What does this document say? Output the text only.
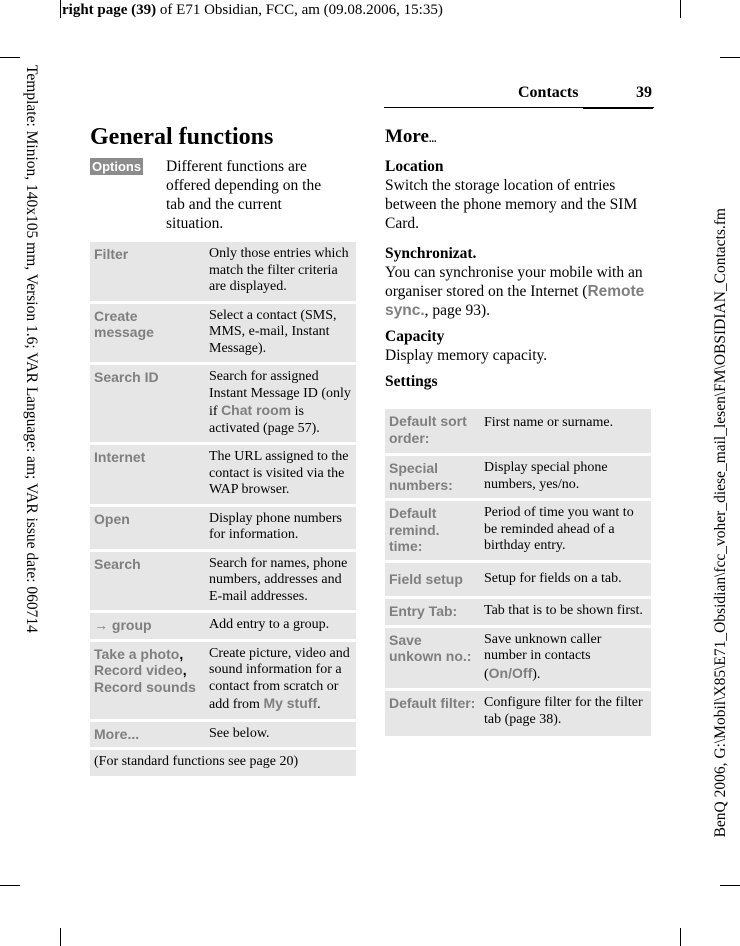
right page (39) of E71 Obsidian, FCC, am (09.08.2006, 15:35)
Template: Minion, 140x105 mm, Version 1.6; VAR Language: am; VAR issue date: 060714	BenQ 2006, G:\Mobil\X85\E71_Obsidian\fcc_voher_diese_mail_lesen\FM\OBSIDIAN_Contacts.fm
Contacts	39
General functions
Options Different functions are offered depending on the tab and the current situation.
Filter	Only those entries which match the filter criteria are displayed.
Create message	Select a contact (SMS, MMS, e-mail, Instant Message).
Search ID	Search for assigned Instant Message ID (only if Chat room is activated (page 57).
Internet	The URL assigned to the contact is visited via the WAP browser.
Open	Display phone numbers for information.
Search	Search for names, phone numbers, addresses and E-mail addresses.
→ group	Add entry to a group.
Take a photo,
Record video,
Record sounds	Create picture, video and sound information for a contact from scratch or add from My stuff.
More...	See below.
(For standard functions see page 20)	
More...
Location
Switch the storage location of entries between the phone memory and the SIM Card.
Synchronizat.
You can synchronise your mobile with an organiser stored on the Internet (Remote sync., page 93).
Capacity
Display memory capacity.
Settings
Default sort order:	First name or surname.
Special numbers:	Display special phone numbers, yes/no.
Default remind. time:	Period of time you want to be reminded ahead of a birthday entry.
Field setup	Setup for fields on a tab.
Entry Tab:	Tab that is to be shown first.
Save unkown no.:	Save unknown caller number in contacts (On/Off).
Default filter:	Configure filter for the filter tab (page 38).
